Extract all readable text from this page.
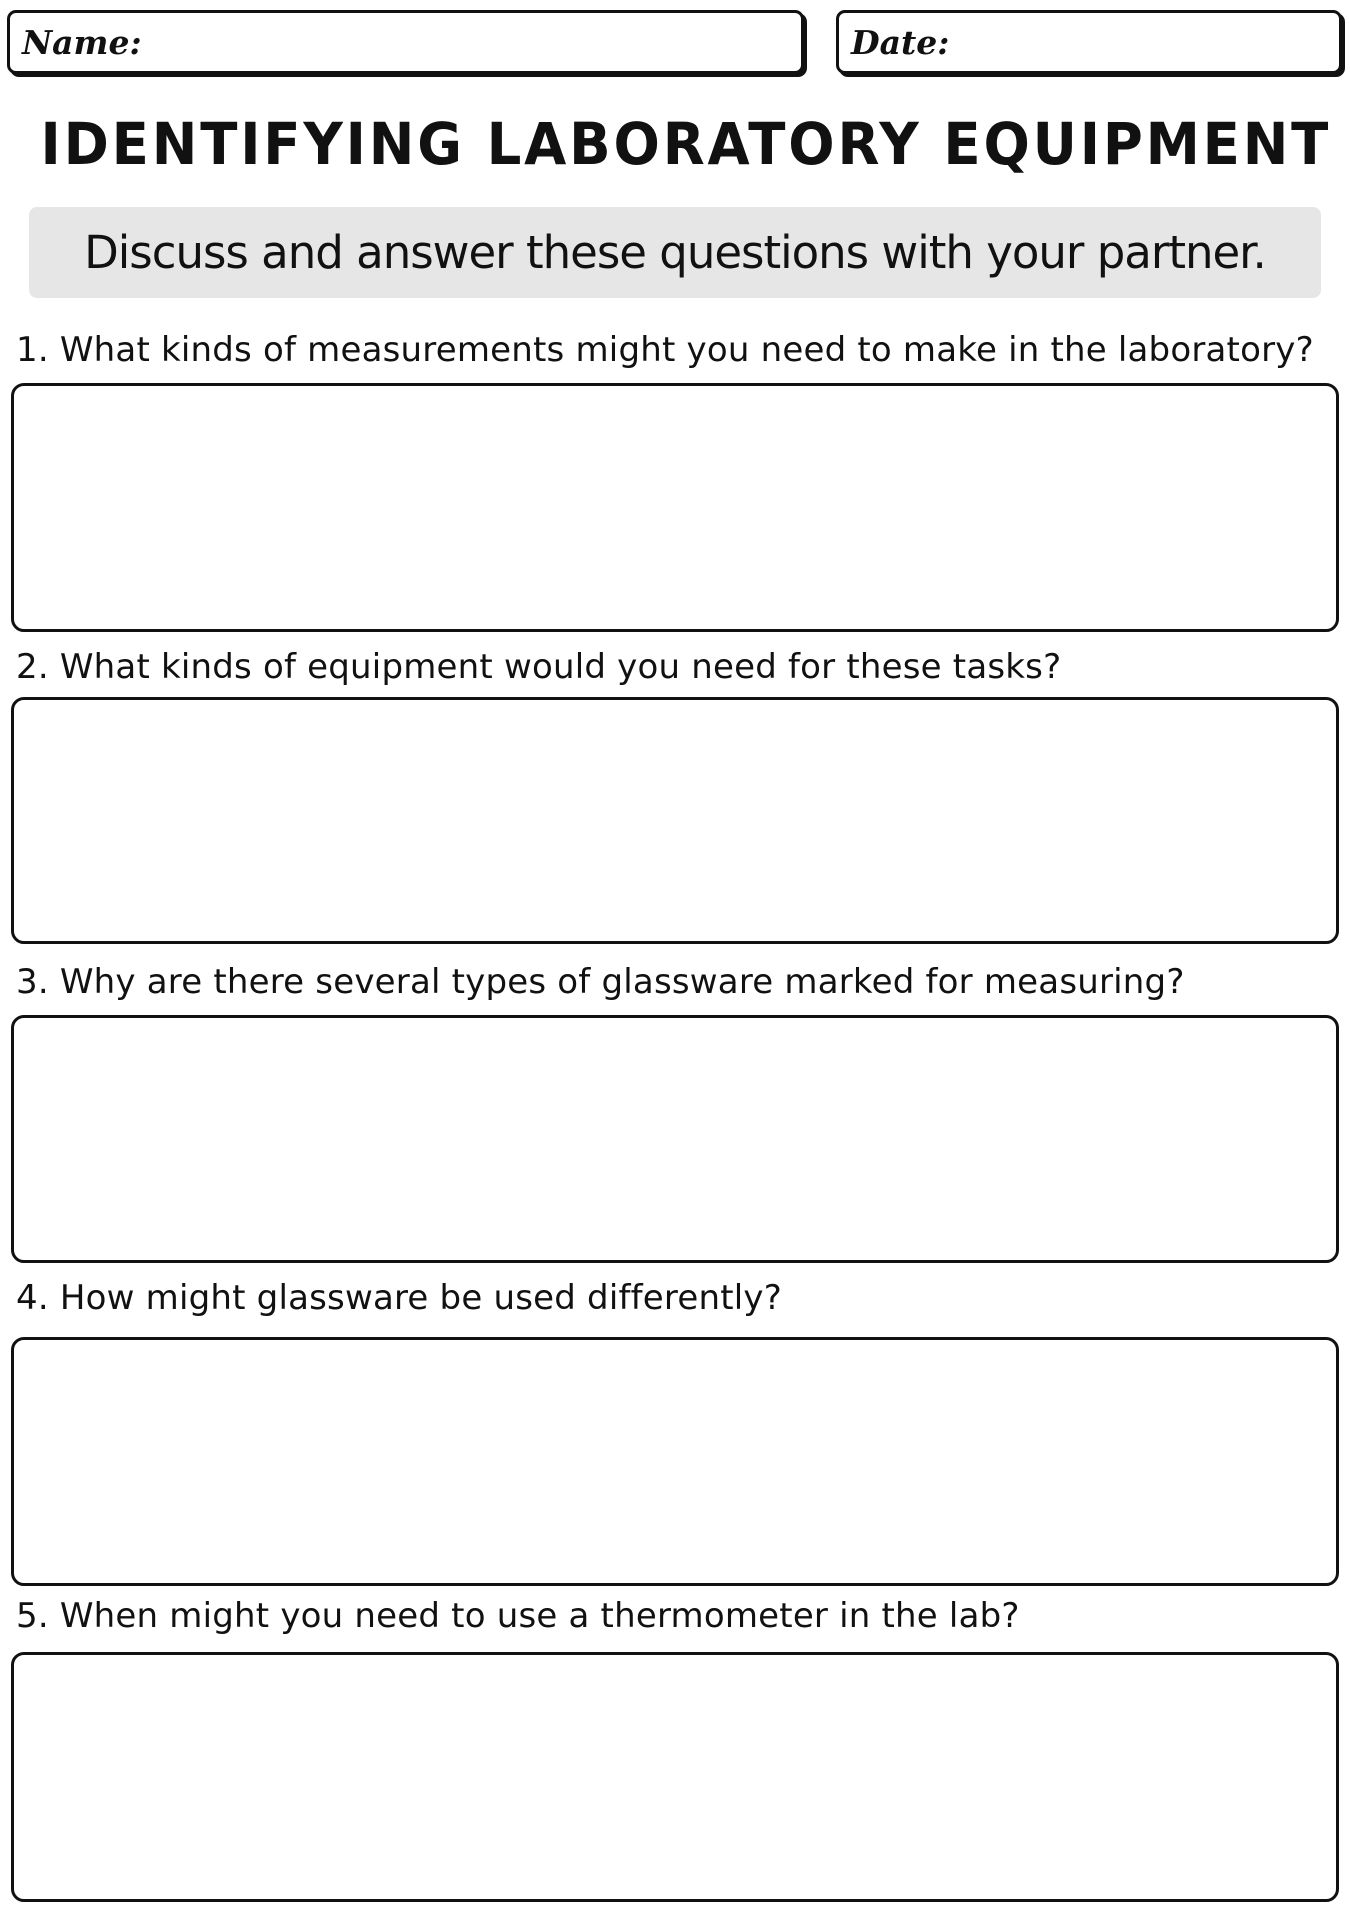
Name:	Date:
IDENTIFYING LABORATORY EQUIPMENT
Discuss and answer these questions with your partner.
1. What kinds of measurements might you need to make in the laboratory?
2. What kinds of equipment would you need for these tasks?
3. Why are there several types of glassware marked for measuring?
4. How might glassware be used differently?
5. When might you need to use a thermometer in the lab?
